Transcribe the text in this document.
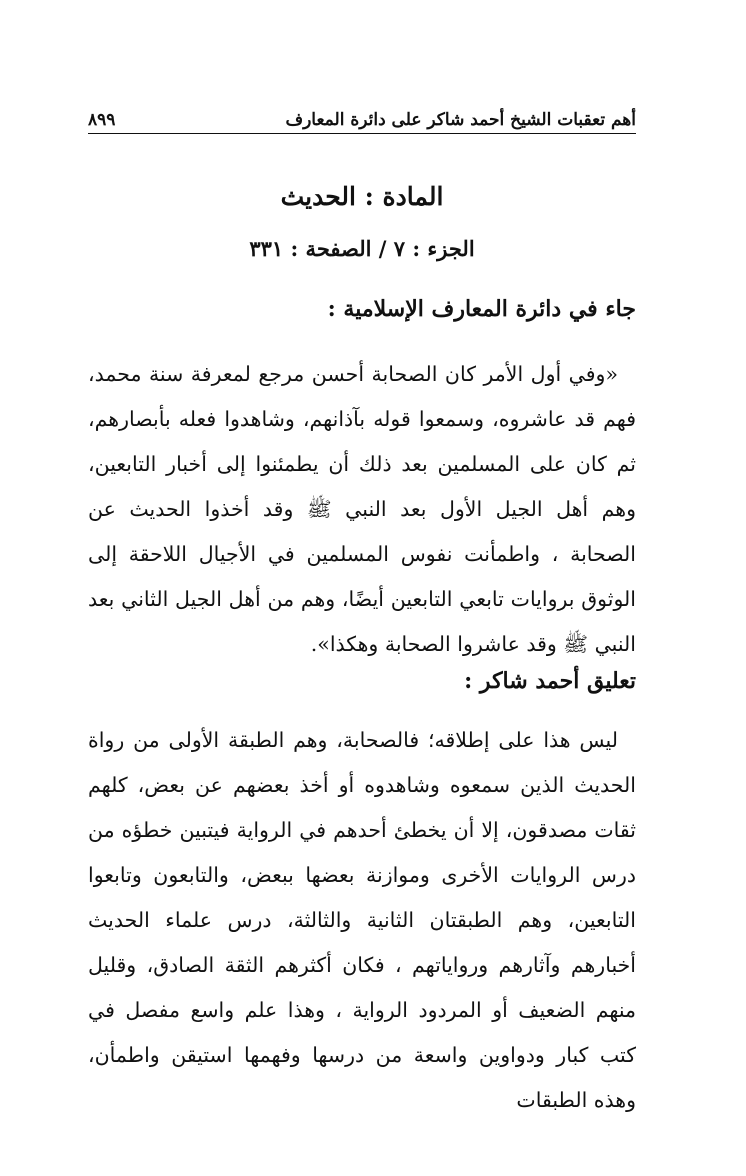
أهم تعقبات الشيخ أحمد شاكر على دائرة المعارف
٨٩٩
المادة : الحديث
الجزء : ٧ / الصفحة : ٣٣١
جاء في دائرة المعارف الإسلامية :

«وفي أول الأمر كان الصحابة أحسن مرجع لمعرفة سنة محمد، فهم قد عاشروه، وسمعوا قوله بآذانهم، وشاهدوا فعله بأبصارهم، ثم كان على المسلمين بعد ذلك أن يطمئنوا إلى أخبار التابعين، وهم أهل الجيل الأول بعد النبي ﷺ وقد أخذوا الحديث عن الصحابة ، واطمأنت نفوس المسلمين في الأجيال اللاحقة إلى الوثوق بروايات تابعي التابعين أيضًا، وهم من أهل الجيل الثاني بعد النبي ﷺ وقد عاشروا الصحابة وهكذا».

تعليق أحمد شاكر :

ليس هذا على إطلاقه؛ فالصحابة، وهم الطبقة الأولى من رواة الحديث الذين سمعوه وشاهدوه أو أخذ بعضهم عن بعض، كلهم ثقات مصدقون، إلا أن يخطئ أحدهم في الرواية فيتبين خطؤه من درس الروايات الأخرى وموازنة بعضها ببعض، والتابعون وتابعوا التابعين، وهم الطبقتان الثانية والثالثة، درس علماء الحديث أخبارهم وآثارهم ورواياتهم ، فكان أكثرهم الثقة الصادق، وقليل منهم الضعيف أو المردود الرواية ، وهذا علم واسع مفصل في كتب كبار ودواوين واسعة من درسها وفهمها استيقن واطمأن، وهذه الطبقات
